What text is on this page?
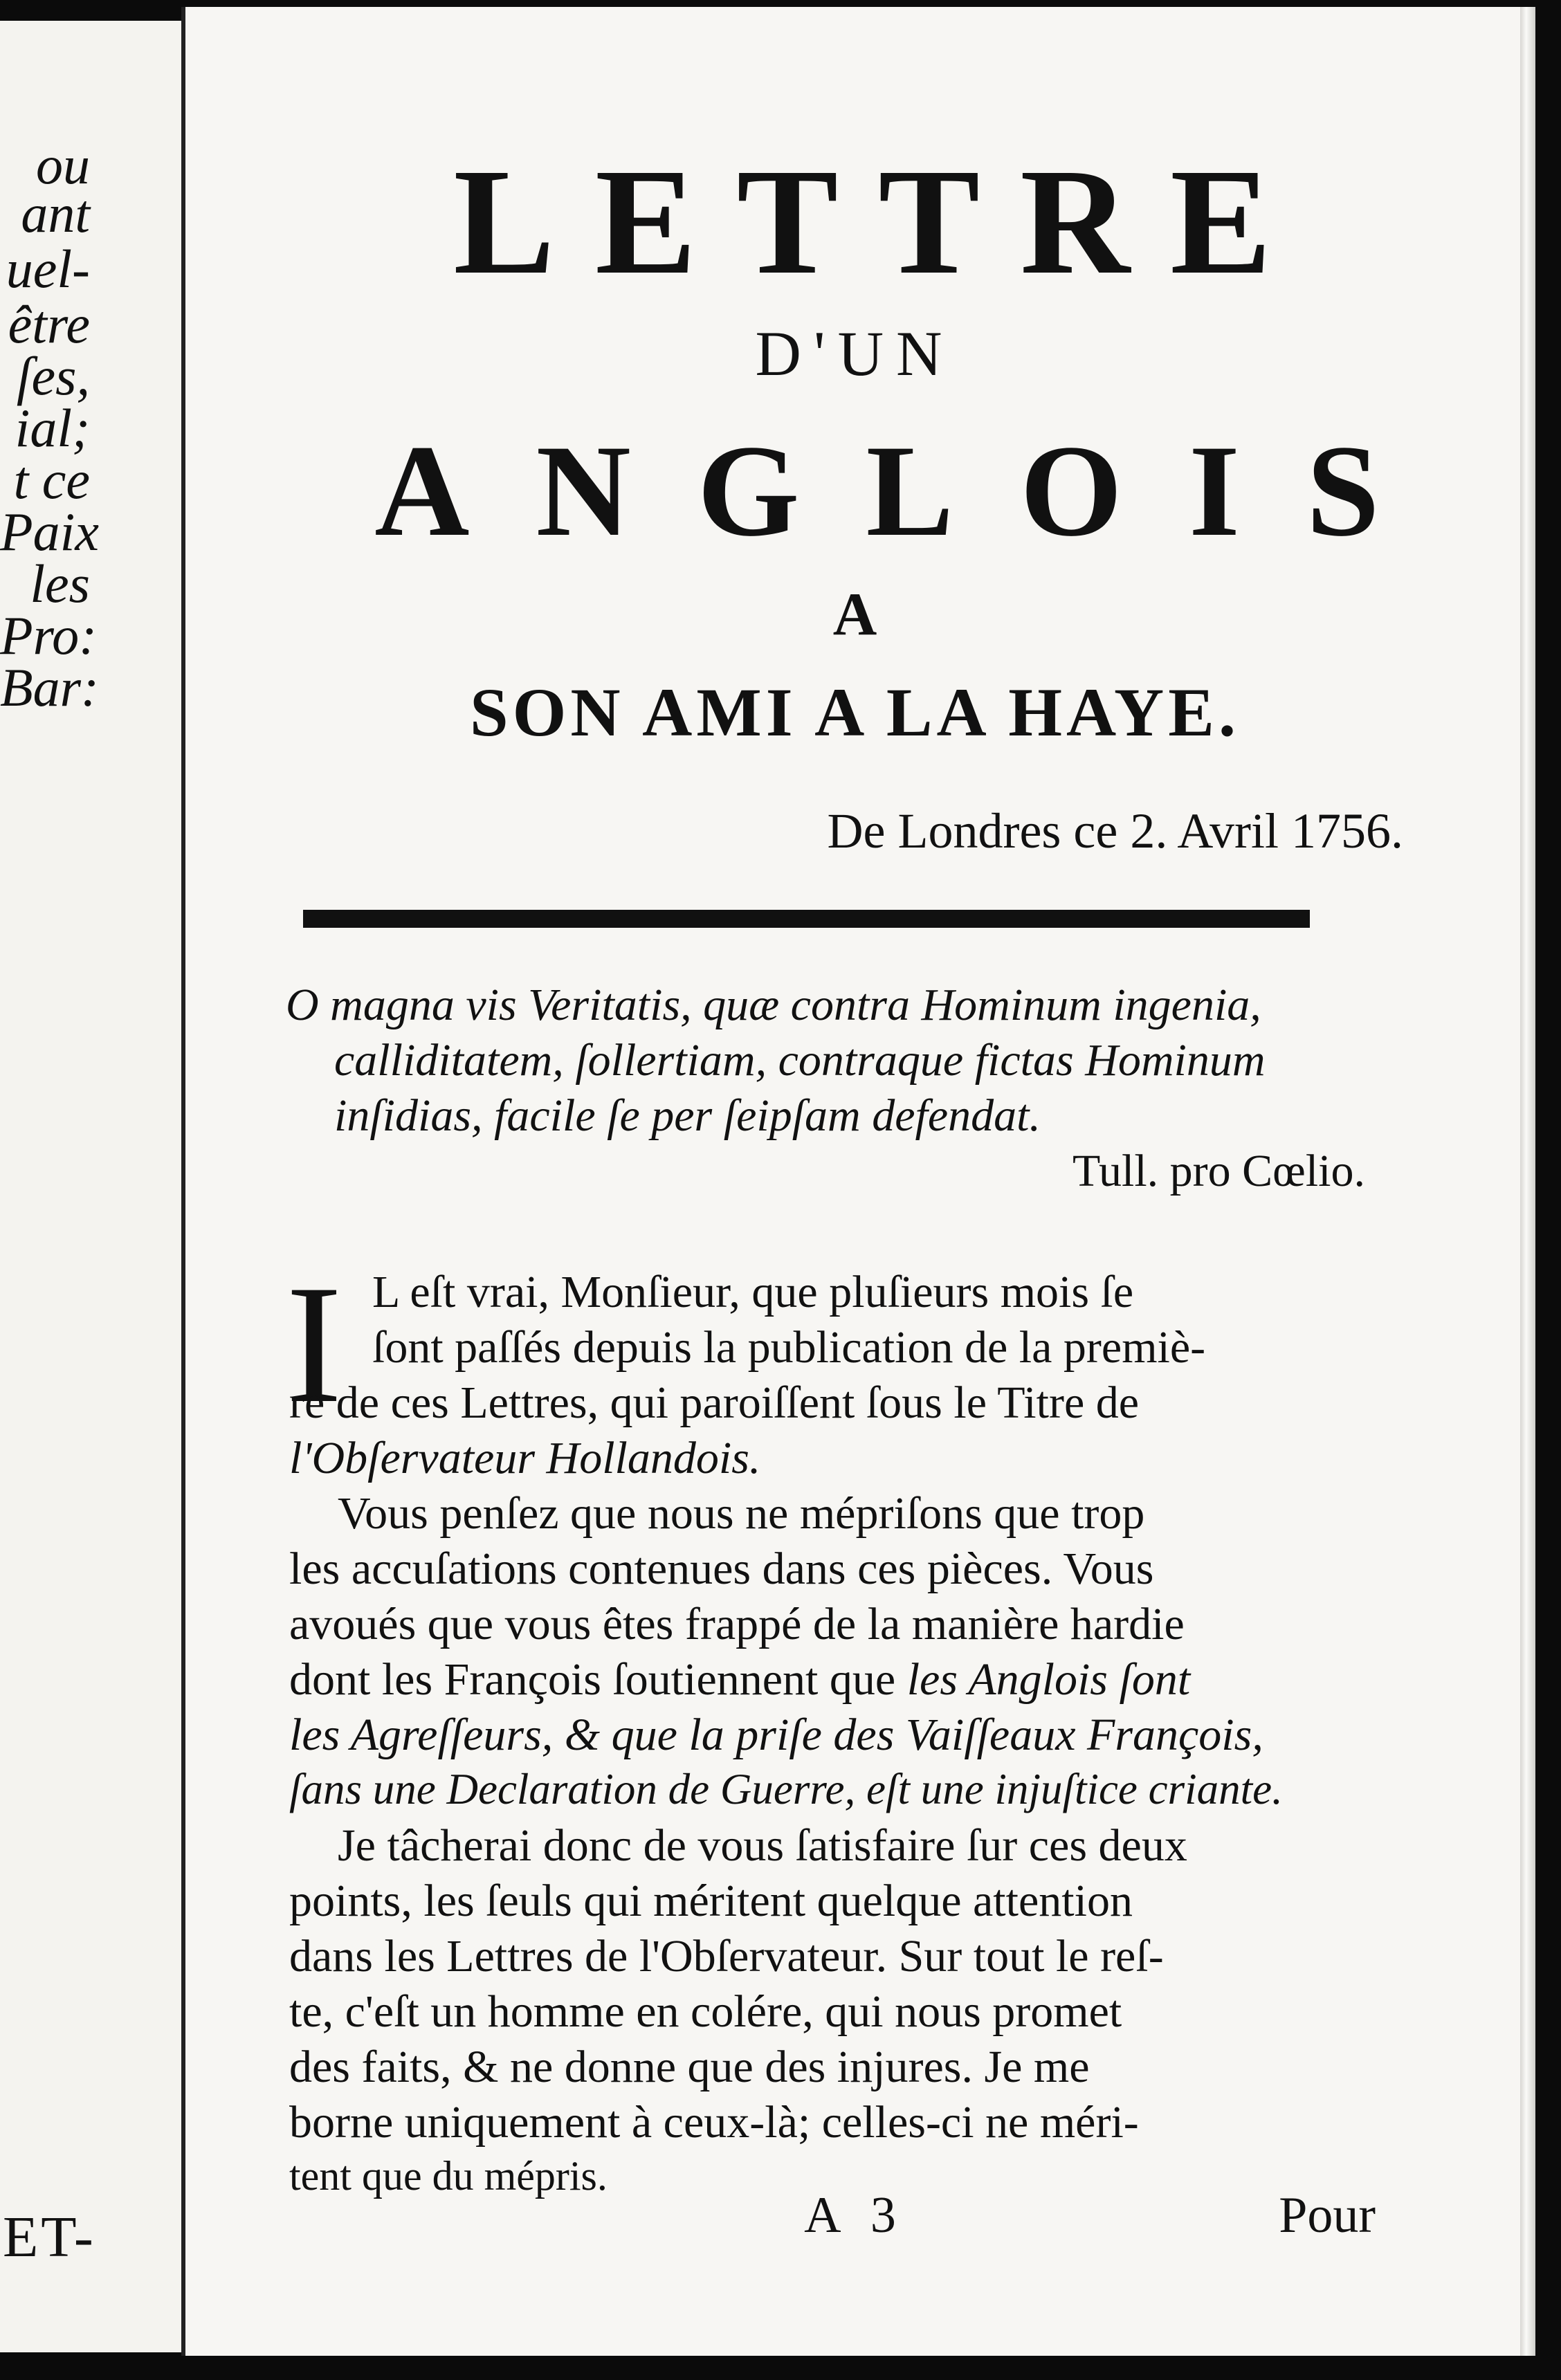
ou
ant
uel-
être
ſes,
ial;
t ce
Paix
les
Pro:
Bar:
ET-
LETTRE
D'UN
ANGLOIS
A
SON AMI A LA HAYE.
De Londres ce 2. Avril 1756.
O magna vis Veritatis, quæ contra Hominum ingenia,
calliditatem, ſollertiam, contraque fictas Hominum
inſidias, facile ſe per ſeipſam defendat.
Tull. pro Cœlio.
I L eſt vrai, Monſieur, que pluſieurs mois ſe
ſont paſſés depuis la publication de la premiè-
re de ces Lettres, qui paroiſſent ſous le Titre de
l'Obſervateur Hollandois.
Vous penſez que nous ne mépriſons que trop
les accuſations contenues dans ces pièces. Vous
avoués que vous êtes frappé de la manière hardie
dont les François ſoutiennent que les Anglois ſont
les Agreſſeurs, & que la priſe des Vaiſſeaux François,
ſans une Declaration de Guerre, eſt une injuſtice criante.
Je tâcherai donc de vous ſatisfaire ſur ces deux
points, les ſeuls qui méritent quelque attention
dans les Lettres de l'Obſervateur. Sur tout le reſ-
te, c'eſt un homme en colére, qui nous promet
des faits, & ne donne que des injures. Je me
borne uniquement à ceux-là; celles-ci ne méri-
tent que du mépris.
A 3	Pour
